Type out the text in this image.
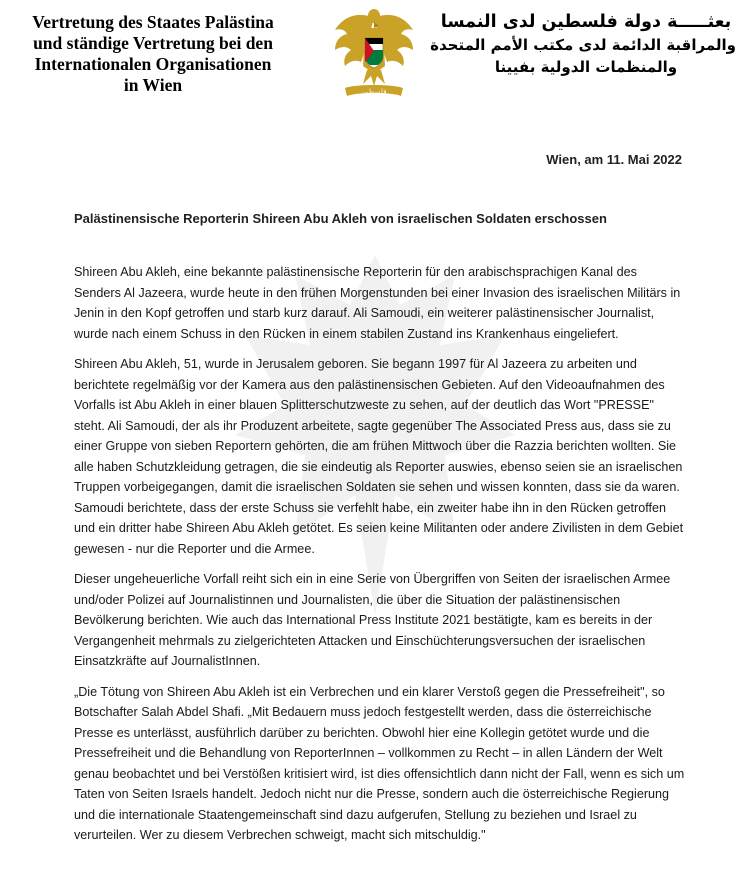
Vertretung des Staates Palästina
und ständige Vertretung bei den
Internationalen Organisationen
in Wien	فلسطين
بعثـــــة دولة فلسطين لدى النمسا
والمراقبة الدائمة لدى مكتب الأمم المتحدة
والمنظمات الدولية بفيينا
Wien, am 11. Mai 2022
Palästinensische Reporterin Shireen Abu Akleh von israelischen Soldaten erschossen

Shireen Abu Akleh, eine bekannte palästinensische Reporterin für den arabischsprachigen Kanal des Senders Al Jazeera, wurde heute in den frühen Morgenstunden bei einer Invasion des israelischen Militärs in Jenin in den Kopf getroffen und starb kurz darauf. Ali Samoudi, ein weiterer palästinensischer Journalist, wurde nach einem Schuss in den Rücken in einem stabilen Zustand ins Krankenhaus eingeliefert.

Shireen Abu Akleh, 51, wurde in Jerusalem geboren. Sie begann 1997 für Al Jazeera zu arbeiten und berichtete regelmäßig vor der Kamera aus den palästinensischen Gebieten. Auf den Videoaufnahmen des Vorfalls ist Abu Akleh in einer blauen Splitterschutzweste zu sehen, auf der deutlich das Wort "PRESSE" steht. Ali Samoudi, der als ihr Produzent arbeitete, sagte gegenüber The Associated Press aus, dass sie zu einer Gruppe von sieben Reportern gehörten, die am frühen Mittwoch über die Razzia berichten wollten. Sie alle haben Schutzkleidung getragen, die sie eindeutig als Reporter auswies, ebenso seien sie an israelischen Truppen vorbeigegangen, damit die israelischen Soldaten sie sehen und wissen konnten, dass sie da waren. Samoudi berichtete, dass der erste Schuss sie verfehlt habe, ein zweiter habe ihn in den Rücken getroffen und ein dritter habe Shireen Abu Akleh getötet. Es seien keine Militanten oder andere Zivilisten in dem Gebiet gewesen - nur die Reporter und die Armee.

Dieser ungeheuerliche Vorfall reiht sich ein in eine Serie von Übergriffen von Seiten der israelischen Armee und/oder Polizei auf Journalistinnen und Journalisten, die über die Situation der palästinensischen Bevölkerung berichten. Wie auch das International Press Institute 2021 bestätigte, kam es bereits in der Vergangenheit mehrmals zu zielgerichteten Attacken und Einschüchterungsversuchen der israelischen Einsatzkräfte auf JournalistInnen.

„Die Tötung von Shireen Abu Akleh ist ein Verbrechen und ein klarer Verstoß gegen die Pressefreiheit", so Botschafter Salah Abdel Shafi. „Mit Bedauern muss jedoch festgestellt werden, dass die österreichische Presse es unterlässt, ausführlich darüber zu berichten. Obwohl hier eine Kollegin getötet wurde und die Pressefreiheit und die Behandlung von ReporterInnen – vollkommen zu Recht – in allen Ländern der Welt genau beobachtet und bei Verstößen kritisiert wird, ist dies offensichtlich dann nicht der Fall, wenn es sich um Taten von Seiten Israels handelt. Jedoch nicht nur die Presse, sondern auch die österreichische Regierung und die internationale Staatengemeinschaft sind dazu aufgerufen, Stellung zu beziehen und Israel zu verurteilen. Wer zu diesem Verbrechen schweigt, macht sich mitschuldig."
